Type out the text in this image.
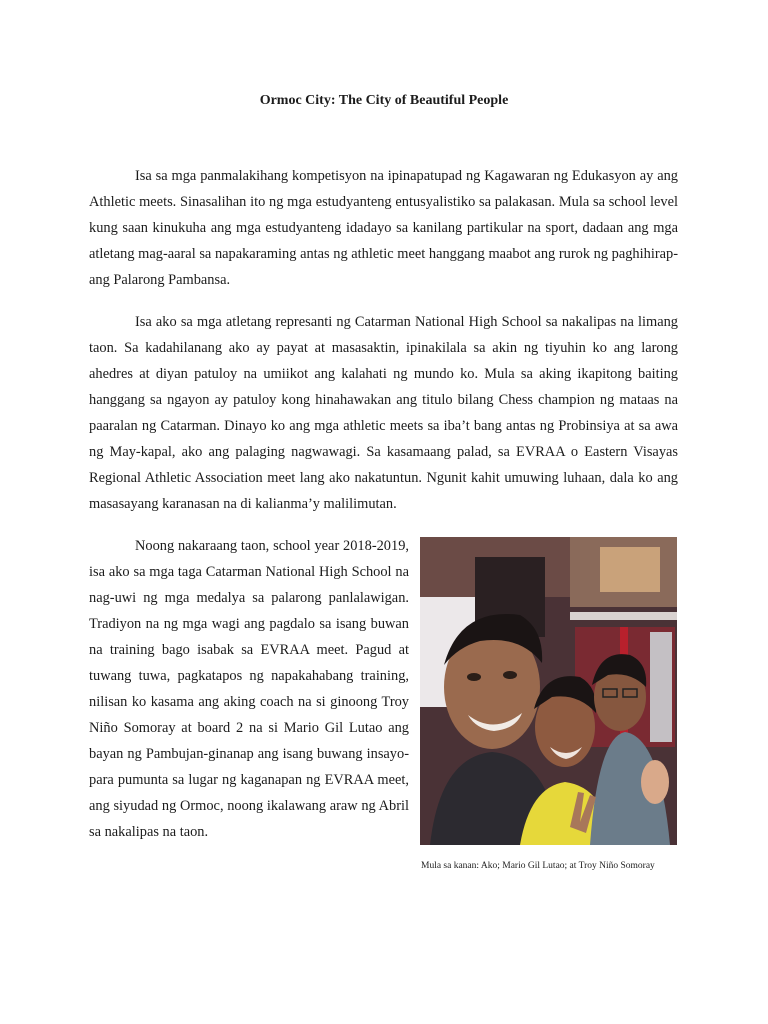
Ormoc City: The City of Beautiful People

Isa sa mga panmalakihang kompetisyon na ipinapatupad ng Kagawaran ng Edukasyon ay ang Athletic meets. Sinasalihan ito ng mga estudyanteng entusyalistiko sa palakasan. Mula sa school level kung saan kinukuha ang mga estudyanteng idadayo sa kanilang partikular na sport, dadaan ang mga atletang mag-aaral sa napakaraming antas ng athletic meet hanggang maabot ang rurok ng paghihirap-ang Palarong Pambansa.

Isa ako sa mga atletang represanti ng Catarman National High School sa nakalipas na limang taon. Sa kadahilanang ako ay payat at masasaktin, ipinakilala sa akin ng tiyuhin ko ang larong ahedres at diyan patuloy na umiikot ang kalahati ng mundo ko. Mula sa aking ikapitong baiting hanggang sa ngayon ay patuloy kong hinahawakan ang titulo bilang Chess champion ng mataas na paaralan ng Catarman. Dinayo ko ang mga athletic meets sa iba’t bang antas ng Probinsiya at sa awa ng May-kapal, ako ang palaging nagwawagi. Sa kasamaang palad, sa EVRAA o Eastern Visayas Regional Athletic Association meet lang ako nakatuntun. Ngunit kahit umuwing luhaan, dala ko ang masasayang karanasan na di kalianma’y malilimutan.

Noong nakaraang taon, school year 2018-2019, isa ako sa mga taga Catarman National High School na nag-uwi ng mga medalya sa palarong panlalawigan. Tradiyon na ng mga wagi ang pagdalo sa isang buwan na training bago isabak sa EVRAA meet. Pagud at tuwang tuwa, pagkatapos ng napakahabang training, nilisan ko kasama ang aking coach na si ginoong Troy Niño Somoray at board 2 na si Mario Gil Lutao ang bayan ng Pambujan-ginanap ang isang buwang insayo- para pumunta sa lugar ng kaganapan ng EVRAA meet, ang siyudad ng Ormoc, noong ikalawang araw ng Abril sa nakalipas na taon.

Mula sa kanan: Ako; Mario Gil Lutao; at Troy Niño Somoray
